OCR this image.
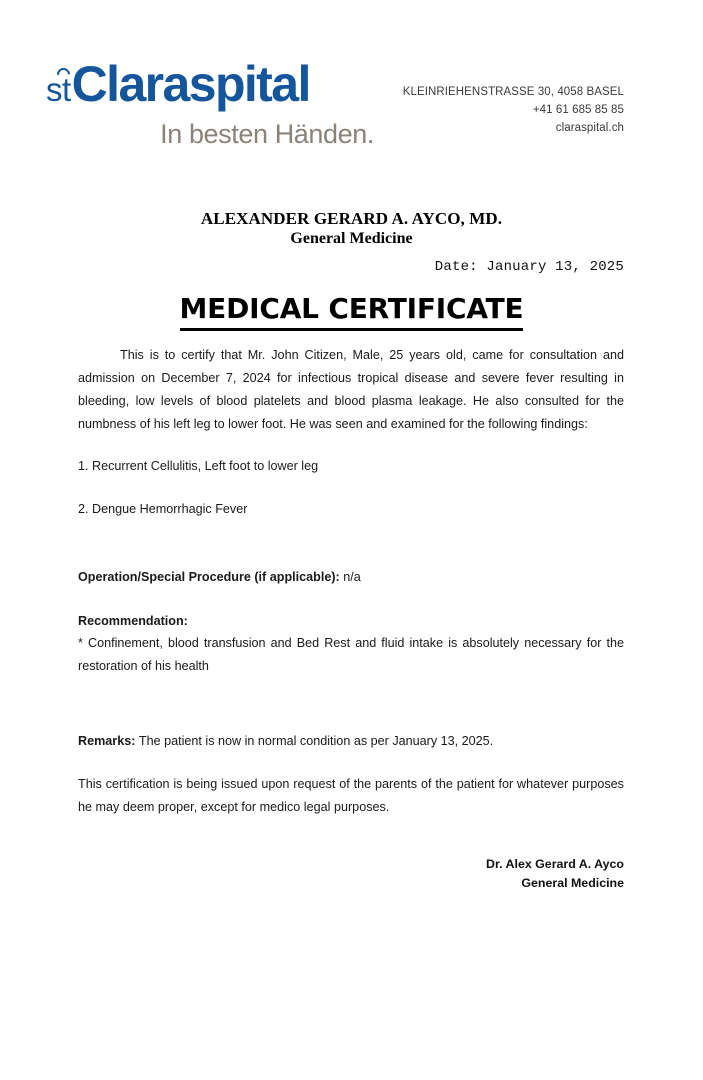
stClaraspital
In besten Händen.
KLEINRIEHENSTRASSE 30, 4058 BASEL
+41 61 685 85 85
claraspital.ch
ALEXANDER GERARD A. AYCO, MD.
General Medicine
Date: January 13, 2025
MEDICAL CERTIFICATE

This is to certify that Mr. John Citizen, Male, 25 years old, came for consultation and admission on December 7, 2024 for infectious tropical disease and severe fever resulting in bleeding, low levels of blood platelets and blood plasma leakage. He also consulted for the numbness of his left leg to lower foot. He was seen and examined for the following findings:

1. Recurrent Cellulitis, Left foot to lower leg

2. Dengue Hemorrhagic Fever

Operation/Special Procedure (if applicable): n/a

Recommendation:

* Confinement, blood transfusion and Bed Rest and fluid intake is absolutely necessary for the restoration of his health

Remarks: The patient is now in normal condition as per January 13, 2025.

This certification is being issued upon request of the parents of the patient for whatever purposes he may deem proper, except for medico legal purposes.

Dr. Alex Gerard A. Ayco
General Medicine
